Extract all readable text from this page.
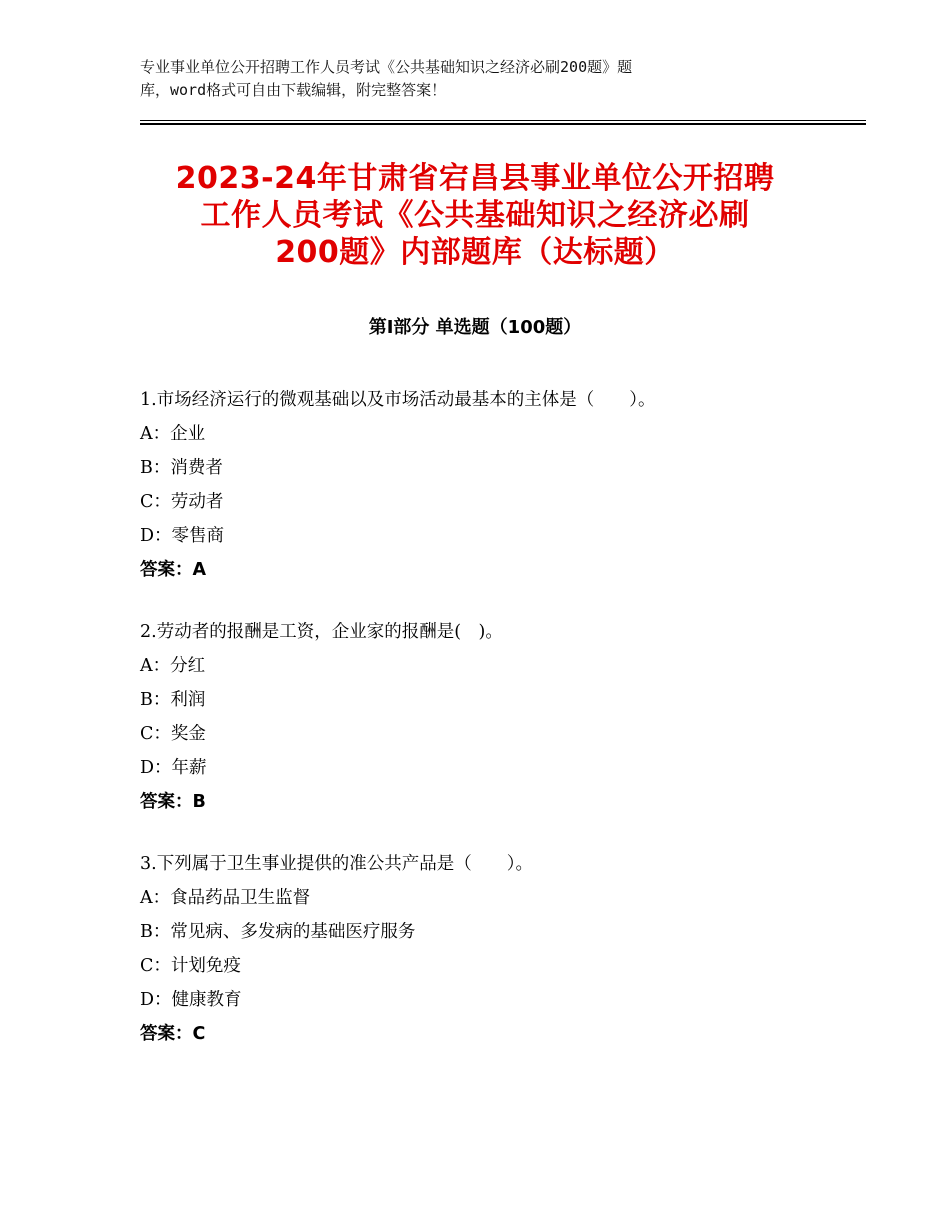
专业事业单位公开招聘工作人员考试《公共基础知识之经济必刷200题》题
库，word格式可自由下载编辑，附完整答案！
2023-24年甘肃省宕昌县事业单位公开招聘
工作人员考试《公共基础知识之经济必刷
200题》内部题库（达标题）
第Ⅰ部分 单选题（100题）
1.市场经济运行的微观基础以及市场活动最基本的主体是（　　）。
A：企业
B：消费者
C：劳动者
D：零售商
答案：A
2.劳动者的报酬是工资，企业家的报酬是(　)。
A：分红
B：利润
C：奖金
D：年薪
答案：B
3.下列属于卫生事业提供的准公共产品是（　　）。
A：食品药品卫生监督
B：常见病、多发病的基础医疗服务
C：计划免疫
D：健康教育
答案：C
